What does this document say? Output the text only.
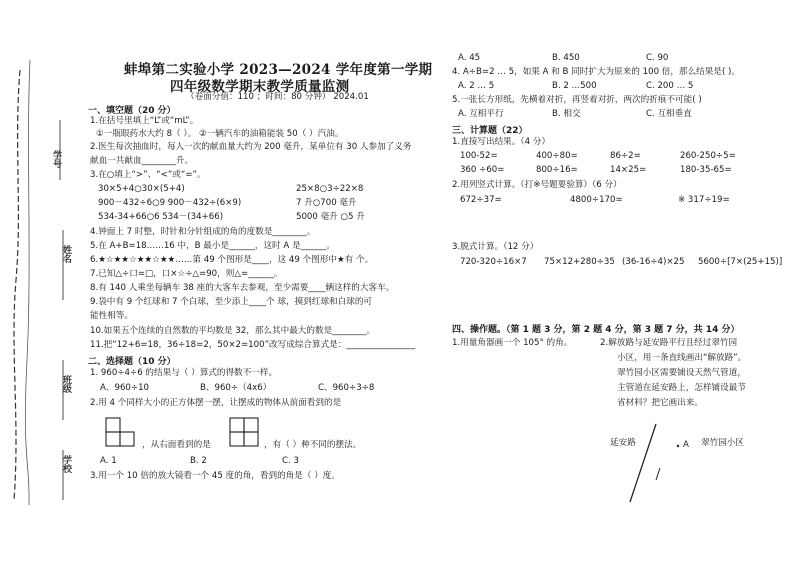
学号
姓名
班级
学校
蚌埠第二实验小学 2023—2024 学年度第一学期
四年级数学期末教学质量监测
（卷面分值：110 ；时间：80 分钟） 2024.01
一、填空题（20 分）
1.在括号里填上“L”或“mL”。
①一瓶眼药水大约 8（ ）。 ②一辆汽车的油箱能装 50（ ）汽油。
2.医生每次抽血时，每人一次的献血量大约为 200 毫升，某单位有 30 人参加了义务
献血一共献血________升。
3.在○填上“>”、“<”或“=”。
30×5+4○30×(5+4)	25×8○3÷22×8
900－432÷6○9 900－432÷(6×9)	7 升○700 毫升
534-34+66○6 534－(34+66)	5000 毫升 ○5 升
4.钟面上 7 时整，时针和分针组成的角的度数是________。
5.在 A+B=18……16 中，B 最小是______，这时 A 是______。
6.★☆★★☆★★☆★★……第 49 个图形是____，这 49 个图形中★有 个。
7.已知△÷口=□，口×☆÷△=90，则△=______。
8.有 140 人乘坐每辆车 38 座的大客车去参观，至少需要____辆这样的大客车。
9.袋中有 9 个红球和 7 个白球，至少添上____个 球，摸到红球和白球的可
能性相等。
10.如果五个连续的自然数的平均数是 32，那么其中最大的数是________。
11.把“12+6=18，36÷18=2，50×2=100”改写成综合算式是：________________
二、选择题（10 分）
1. 960÷4÷6 的结果与（ ）算式的得数不一样。
A、960÷10	B、960÷（4x6）	C、960÷3÷8
2.用 4 个同样大小的正方体摆一摆，让摆成的物体从前面看到的是
，从右面看到的是	，有（ ）种不同的摆法。
A. 1	B. 2	C. 3
3.用一个 10 倍的放大镜看一个 45 度的角，看到的角是（ ）度。
A. 45	B. 450	C. 90
4. A÷B=2 … 5，如果 A 和 B 同时扩大为原来的 100 倍，那么结果是( )。
A. 2 … 5	B. 2 …500	C. 200 … 5
5.一张长方形纸，先横着对折，再竖着对折，两次的折痕不可能( )
A. 互相平行	B. 相交	C. 互相垂直
三、计算题（22）
1.直接写出结果。（4 分）
100-52=	400÷80=	86÷2=	260-250÷5=
360 ÷60=	800÷16=	14×25=	180-35-65=
2.用列竖式计算。（打※号题要验算）（6 分）
672÷37=	4800÷170=	※ 317÷19=
3.脱式计算。（12 分）
720-320÷16×7 75×12+280÷35 (36-16÷4)×25 5600÷[7×(25+15)]
四、操作题。（第 1 题 3 分，第 2 题 4 分，第 3 题 7 分，共 14 分）
1.用量角器画一个 105° 的角。	2.解放路与延安路平行且经过翠竹园
小区，用一条直线画出“解放路”。
翠竹园小区需要铺设天然气管道，
主管道在延安路上，怎样铺设最节
省材料？把它画出来。
延安路	A 翠竹园小区
